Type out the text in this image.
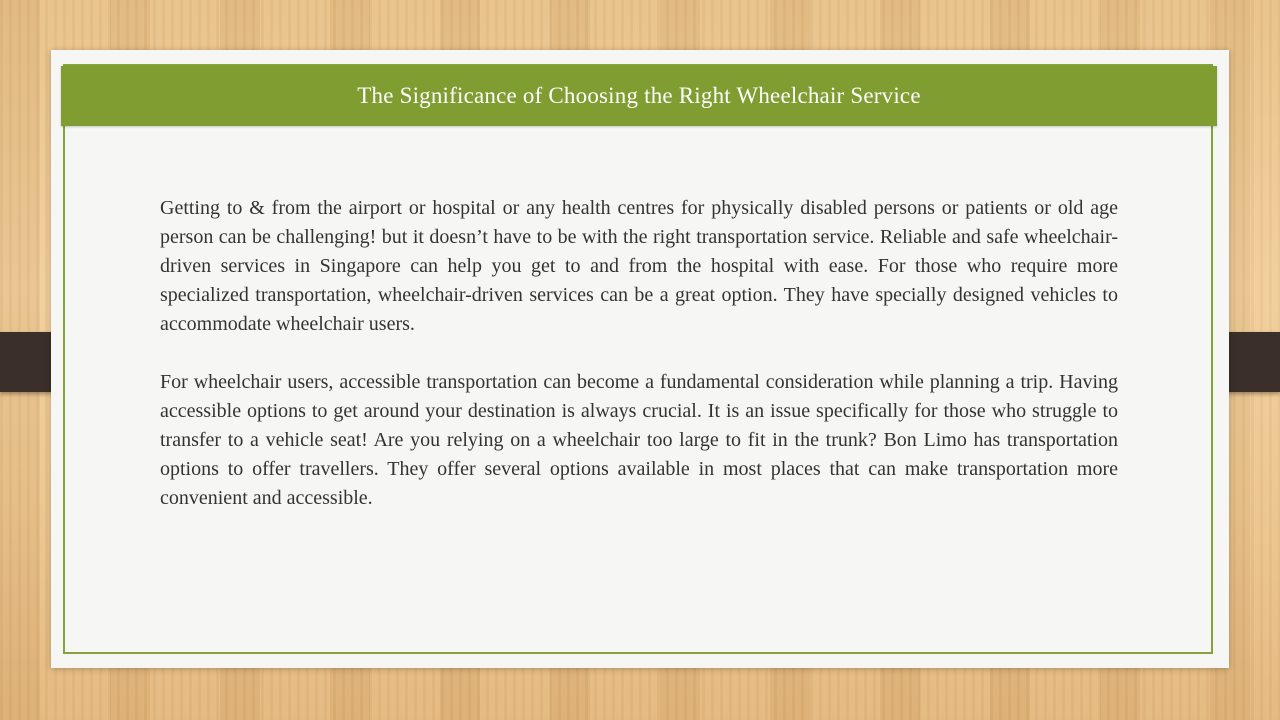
The Significance of Choosing the Right Wheelchair Service

Getting to & from the airport or hospital or any health centres for physically disabled persons or patients or old age person can be challenging! but it doesn’t have to be with the right transportation service. Reliable and safe wheelchair-driven services in Singapore can help you get to and from the hospital with ease. For those who require more specialized transportation, wheelchair-driven services can be a great option. They have specially designed vehicles to accommodate wheelchair users.

For wheelchair users, accessible transportation can become a fundamental consideration while planning a trip. Having accessible options to get around your destination is always crucial. It is an issue specifically for those who struggle to transfer to a vehicle seat! Are you relying on a wheelchair too large to fit in the trunk? Bon Limo has transportation options to offer travellers. They offer several options available in most places that can make transportation more convenient and accessible.
